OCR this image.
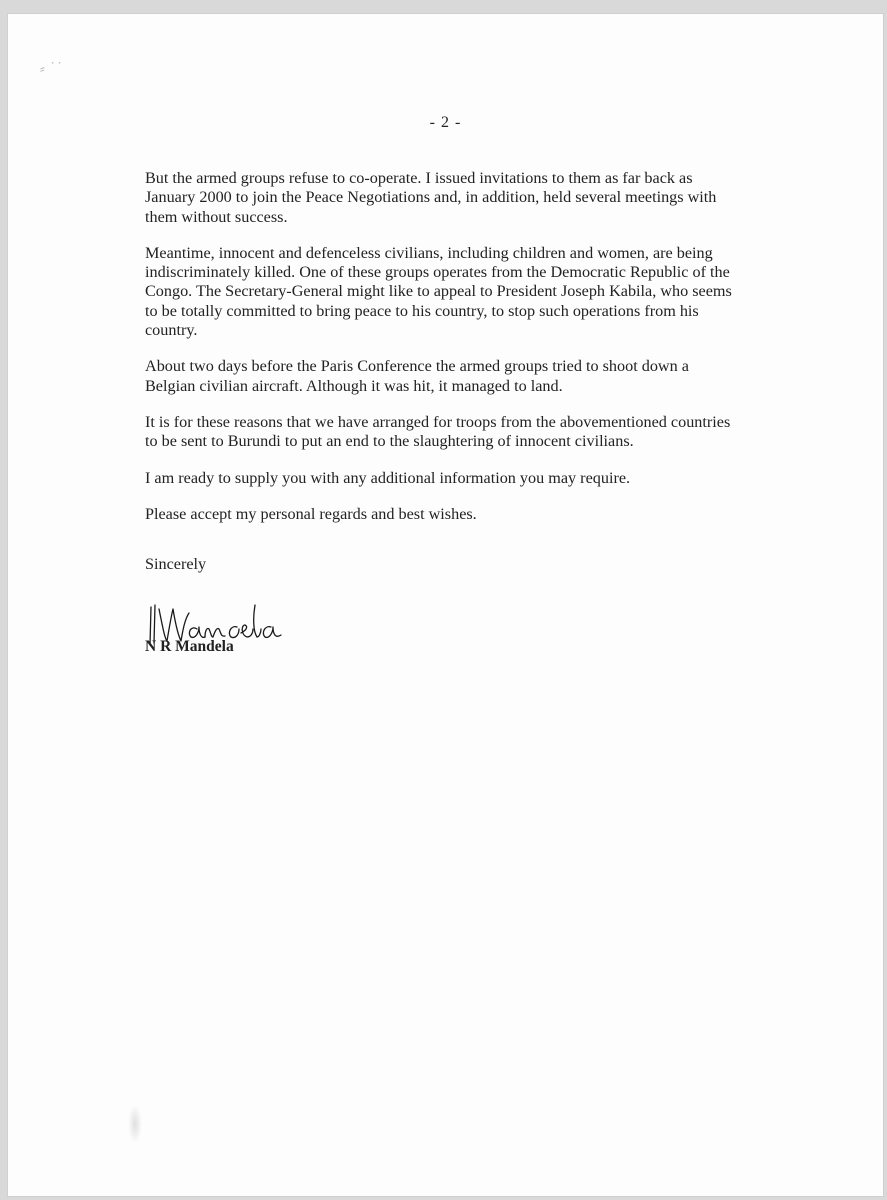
⸗ ˙˙
- 2 -

But the armed groups refuse to co-operate. I issued invitations to them as far back as January 2000 to join the Peace Negotiations and, in addition, held several meetings with them without success.

Meantime, innocent and defenceless civilians, including children and women, are being indiscriminately killed. One of these groups operates from the Democratic Republic of the Congo. The Secretary-General might like to appeal to President Joseph Kabila, who seems to be totally committed to bring peace to his country, to stop such operations from his country.

About two days before the Paris Conference the armed groups tried to shoot down a Belgian civilian aircraft. Although it was hit, it managed to land.

It is for these reasons that we have arranged for troops from the abovementioned countries to be sent to Burundi to put an end to the slaughtering of innocent civilians.

I am ready to supply you with any additional information you may require.

Please accept my personal regards and best wishes.

Sincerely
N R Mandela
